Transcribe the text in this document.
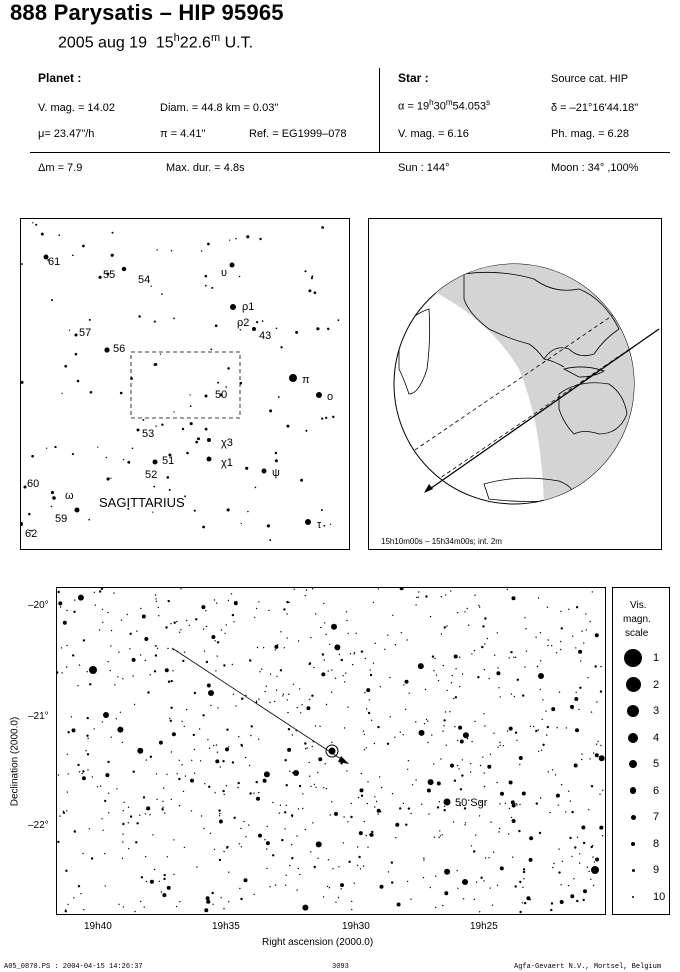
888 Parysatis – HIP 95965
2005 aug 19 15$^h$22.6$^m$ U.T.
Planet :
V. mag. = 14.02	Diam. = 44.8 km = 0.03"
μ= 23.47"/h	π = 4.41"	Ref. = EG1999–078
Star :	Source cat. HIP
$\alpha = 19^h30^m54.053^s$	δ = –21°16'44.18"
V. mag. = 6.16	Ph. mag. = 6.28
Δm = 7.9	Max. dur. = 4.8s	Sun : 144°	Moon : 34° ,100%
61
55 54
υ
ρ1
ρ2
43
57
56
π
ο
50
53
χ3
51	χ1
52	ψ
60
ω
59
62
τ
SAGITTARIUS
15h10m00s – 15h34m00s; int. 2m
Declination (2000.0)	50 Sgr
–20°
–21°
–22°
19h40	19h35	19h30	19h25
Right ascension (2000.0)
Vis.
magn.
scale
1
2
3
4
5
6
7
8
9
10
A05_0870.PS : 2004-04-15 14:26:37	3093	Agfa-Gevaert N.V., Mortsel, Belgium
